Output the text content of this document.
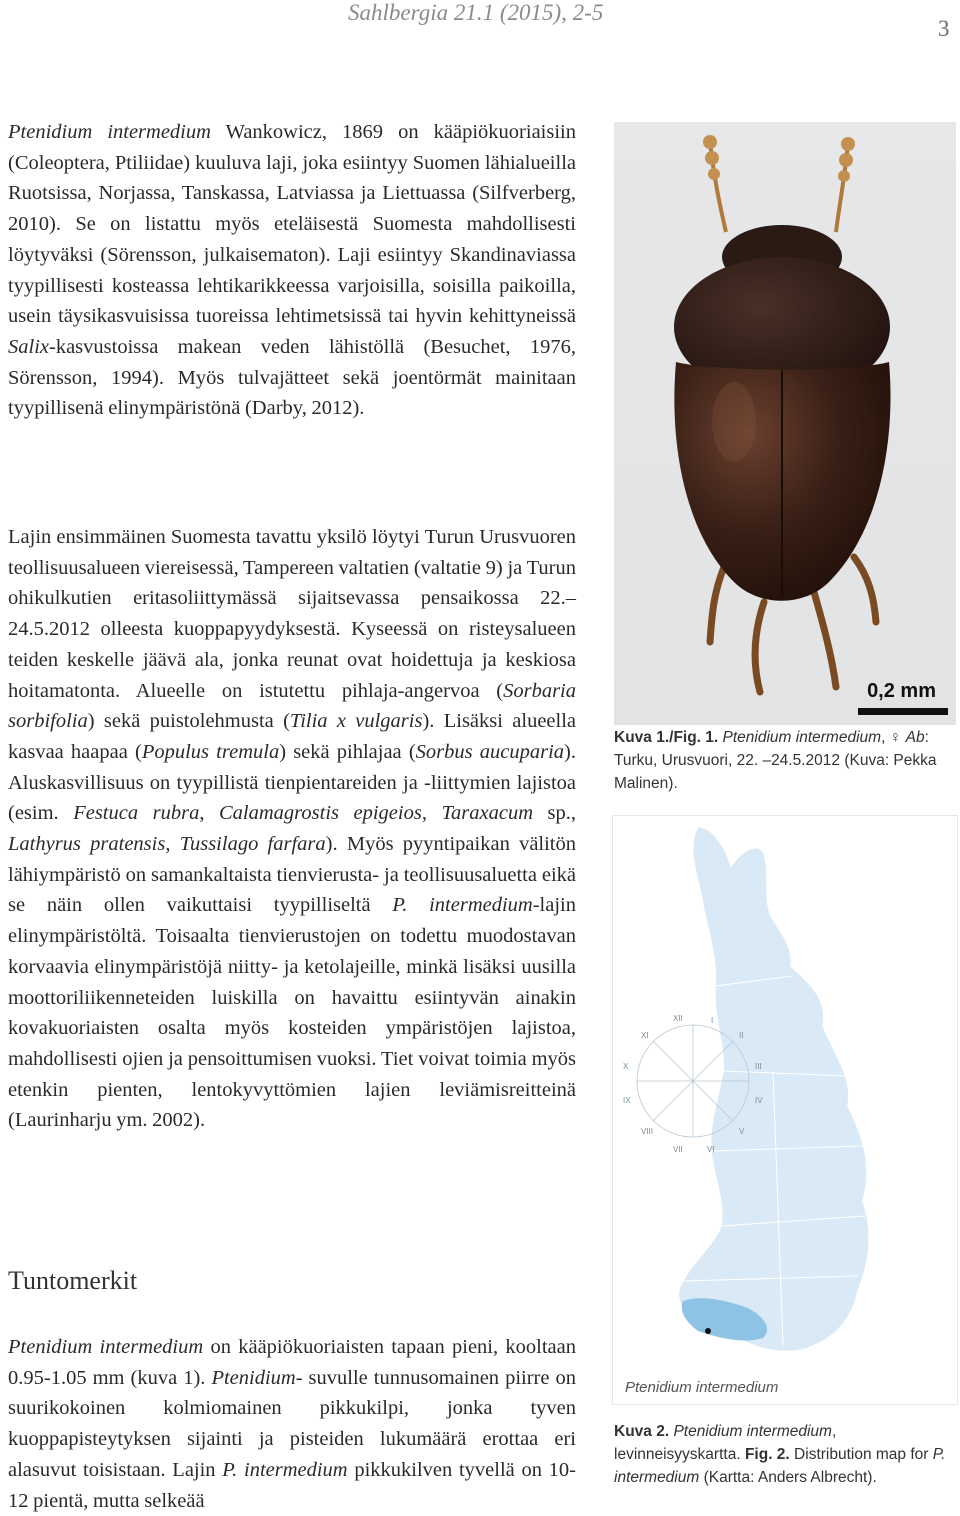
Sahlbergia 21.1 (2015), 2-5
3

Ptenidium intermedium Wankowicz, 1869 on kääpiökuoriaisiin (Coleoptera, Ptiliidae) kuuluva laji, joka esiintyy Suomen lähialueilla Ruotsissa, Norjassa, Tanskassa, Latviassa ja Liettuassa (Silfverberg, 2010). Se on listattu myös eteläisestä Suomesta mahdollisesti löytyväksi (Sörensson, julkaisematon). Laji esiintyy Skandinaviassa tyypillisesti kosteassa lehtikarikkeessa varjoisilla, soisilla paikoilla, usein täysikasvuisissa tuoreissa lehtimetsissä tai hyvin kehittyneissä Salix-kasvustoissa makean veden lähistöllä (Besuchet, 1976, Sörensson, 1994). Myös tulvajätteet sekä joentörmät mainitaan tyypillisenä elinympäristönä (Darby, 2012).

Lajin ensimmäinen Suomesta tavattu yksilö löytyi Turun Urusvuoren teollisuusalueen viereisessä, Tampereen valtatien (valtatie 9) ja Turun ohikulkutien eritasoliittymässä sijaitsevassa pensaikossa 22.–24.5.2012 olleesta kuoppapyydyksestä. Kyseessä on risteysalueen teiden keskelle jäävä ala, jonka reunat ovat hoidettuja ja keskiosa hoitamatonta. Alueelle on istutettu pihlaja-angervoa (Sorbaria sorbifolia) sekä puistolehmusta (Tilia x vulgaris). Lisäksi alueella kasvaa haapaa (Populus tremula) sekä pihlajaa (Sorbus aucuparia). Aluskasvillisuus on tyypillistä tienpientareiden ja -liittymien lajistoa (esim. Festuca rubra, Calamagrostis epigeios, Taraxacum sp., Lathyrus pratensis, Tussilago farfara). Myös pyyntipaikan välitön lähiympäristö on samankaltaista tienvierusta- ja teollisuusaluetta eikä se näin ollen vaikuttaisi tyypilliseltä P. intermedium-lajin elinympäristöltä. Toisaalta tienvierustojen on todettu muodostavan korvaavia elinympäristöjä niitty- ja ketolajeille, minkä lisäksi uusilla moottoriliikenneteiden luiskilla on havaittu esiintyvän ainakin kovakuoriaisten osalta myös kosteiden ympäristöjen lajistoa, mahdollisesti ojien ja pensoittumisen vuoksi. Tiet voivat toimia myös etenkin pienten, lentokyvyttömien lajien leviämisreitteinä (Laurinharju ym. 2002).

Tuntomerkit

Ptenidium intermedium on kääpiökuoriaisten tapaan pieni, kooltaan 0.95-1.05 mm (kuva 1). Ptenidium- suvulle tunnusomainen piirre on suurikokoinen kolmiomainen pikkukilpi, jonka tyven kuoppapisteytyksen sijainti ja pisteiden lukumäärä erottaa eri alasuvut toisistaan. Lajin P. intermedium pikkukilven tyvellä on 10-12 pientä, mutta selkeää

0,2 mm
Kuva 1./Fig. 1. Ptenidium intermedium, ♀ Ab: Turku, Urusvuori, 22. –24.5.2012 (Kuva: Pekka Malinen).
XII	I
II
III
IV
V
VI
VII
VIII
IX
X
XI
Ptenidium intermedium
Kuva 2. Ptenidium intermedium, levinneisyyskartta. Fig. 2. Distribution map for P. intermedium (Kartta: Anders Albrecht).
